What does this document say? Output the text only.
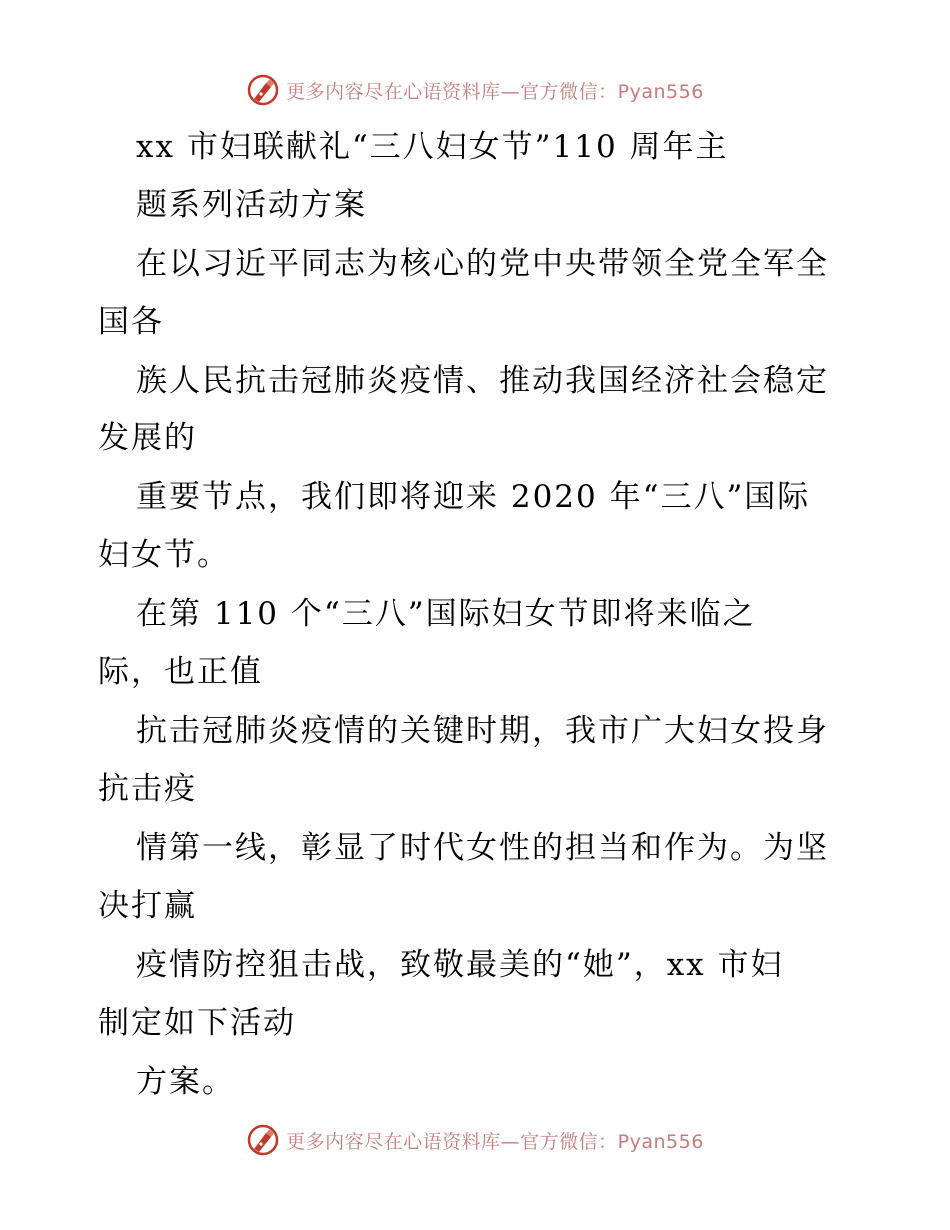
更多内容尽在心语资料库—官方微信：Pyan556
xx 市妇联献礼“三八妇女节”110 周年主
题系列活动方案
在以习近平同志为核心的党中央带领全党全军全
国各
族人民抗击冠肺炎疫情、推动我国经济社会稳定
发展的
重要节点，我们即将迎来 2020 年“三八”国际
妇女节。
在第 110 个“三八”国际妇女节即将来临之
际，也正值
抗击冠肺炎疫情的关键时期，我市广大妇女投身
抗击疫
情第一线，彰显了时代女性的担当和作为。为坚
决打赢
疫情防控狙击战，致敬最美的“她”，xx 市妇
制定如下活动
方案。
更多内容尽在心语资料库—官方微信：Pyan556
